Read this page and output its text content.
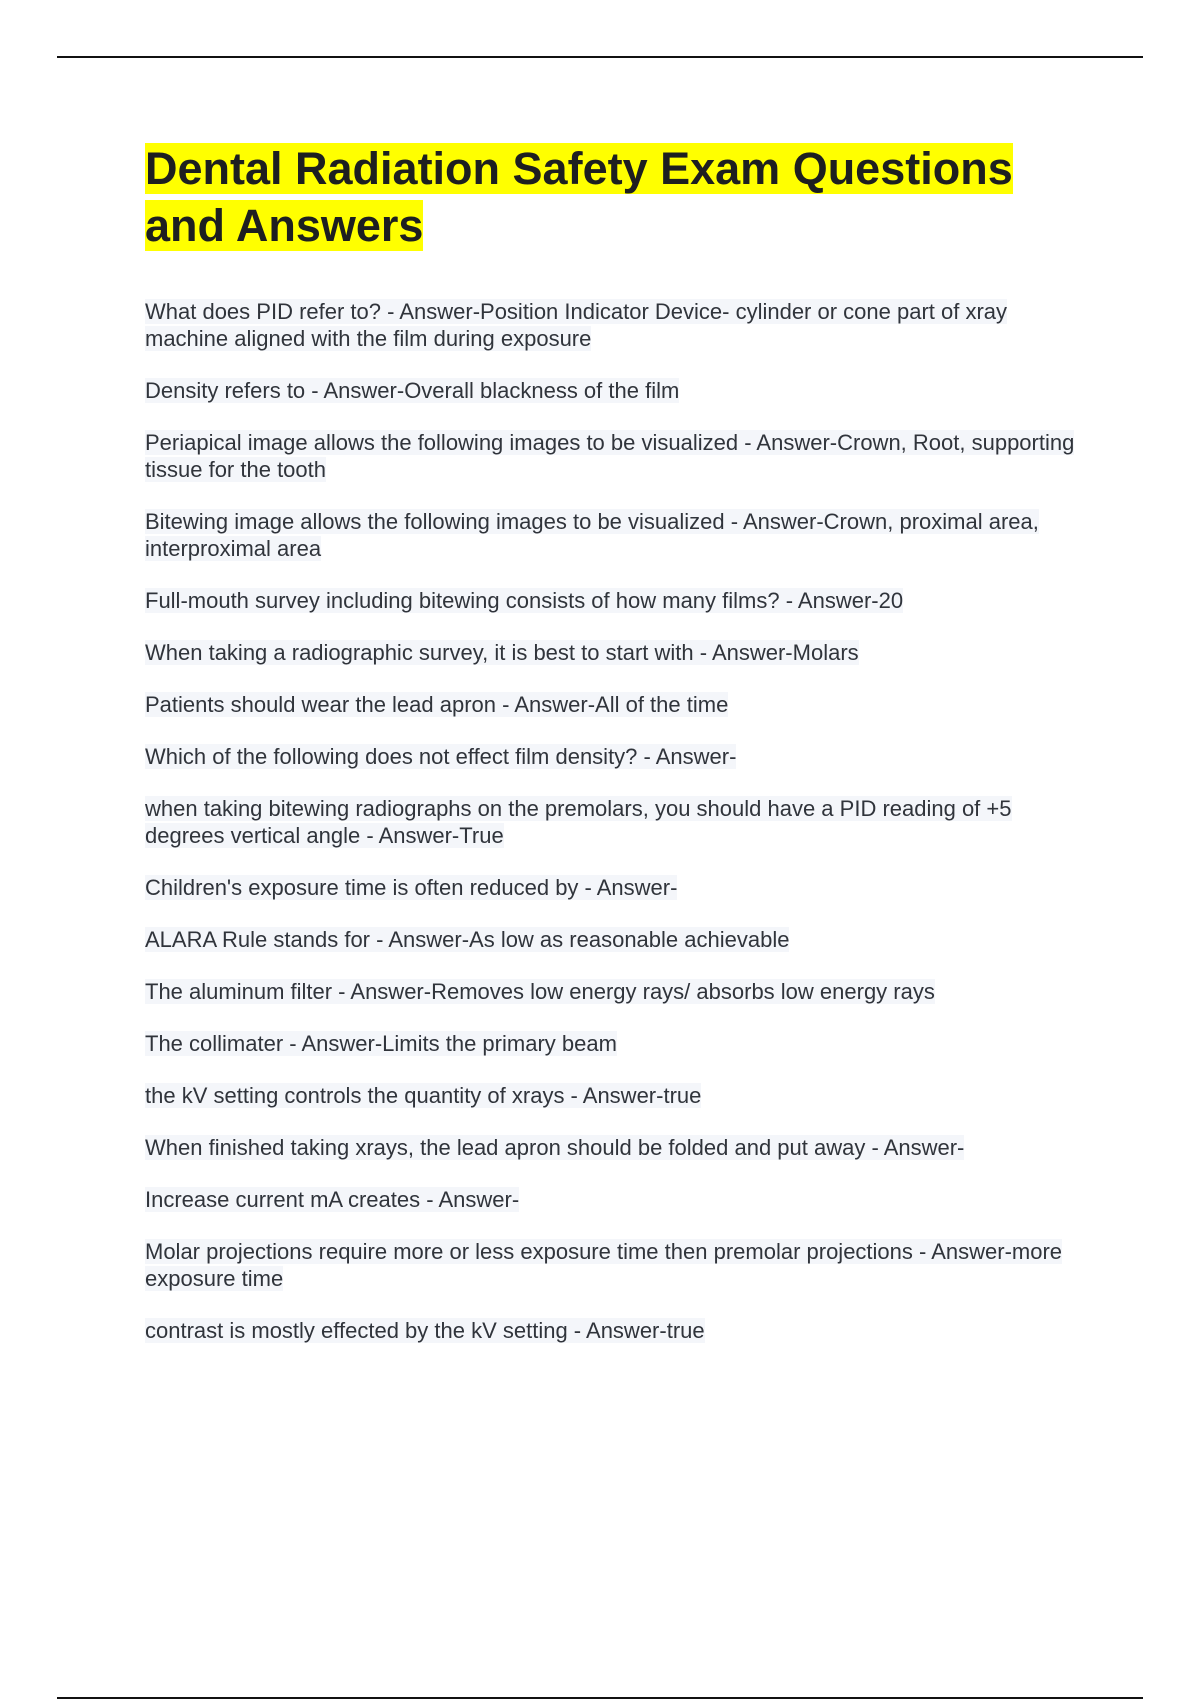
Dental Radiation Safety Exam Questions and Answers

What does PID refer to? - Answer-Position Indicator Device- cylinder or cone part of xray machine aligned with the film during exposure

Density refers to - Answer-Overall blackness of the film

Periapical image allows the following images to be visualized - Answer-Crown, Root, supporting tissue for the tooth

Bitewing image allows the following images to be visualized - Answer-Crown, proximal area, interproximal area

Full-mouth survey including bitewing consists of how many films? - Answer-20

When taking a radiographic survey, it is best to start with - Answer-Molars

Patients should wear the lead apron - Answer-All of the time

Which of the following does not effect film density? - Answer-

when taking bitewing radiographs on the premolars, you should have a PID reading of +5 degrees vertical angle - Answer-True

Children's exposure time is often reduced by - Answer-

ALARA Rule stands for - Answer-As low as reasonable achievable

The aluminum filter - Answer-Removes low energy rays/ absorbs low energy rays

The collimater - Answer-Limits the primary beam

the kV setting controls the quantity of xrays - Answer-true

When finished taking xrays, the lead apron should be folded and put away - Answer-

Increase current mA creates - Answer-

Molar projections require more or less exposure time then premolar projections - Answer-more exposure time

contrast is mostly effected by the kV setting - Answer-true
